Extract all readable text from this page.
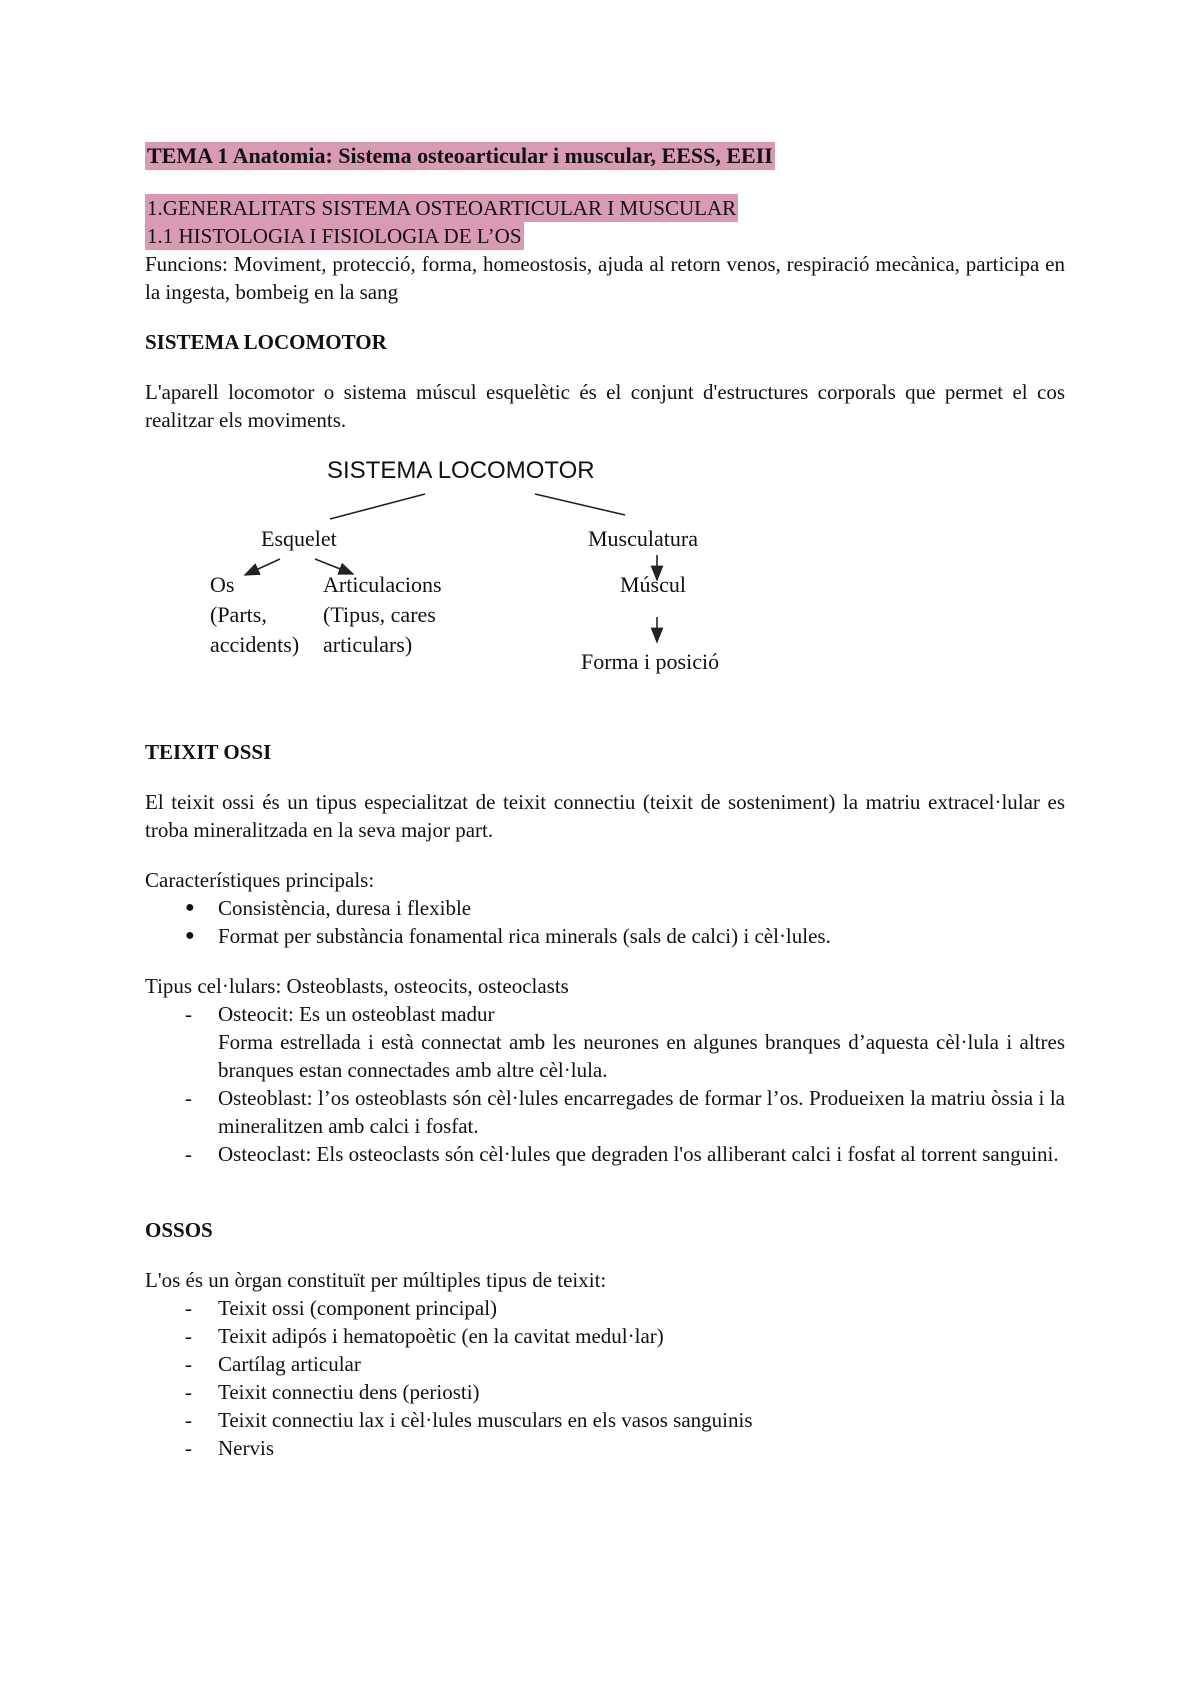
TEMA 1 Anatomia: Sistema osteoarticular i muscular, EESS, EEII

1.GENERALITATS SISTEMA OSTEOARTICULAR I MUSCULAR

1.1 HISTOLOGIA I FISIOLOGIA DE L’OS

Funcions: Moviment, protecció, forma, homeostosis, ajuda al retorn venos, respiració mecànica, participa en la ingesta, bombeig en la sang

SISTEMA LOCOMOTOR

L'aparell locomotor o sistema múscul esquelètic és el conjunt d'estructures corporals que permet el cos realitzar els moviments.

SISTEMA LOCOMOTOR
Esquelet	Musculatura
Os
(Parts,
accidents)
Articulacions
(Tipus, cares
articulars)
Múscul
Forma i posició
TEIXIT OSSI

El teixit ossi és un tipus especialitzat de teixit connectiu (teixit de sosteniment) la matriu extracel·lular es troba mineralitzada en la seva major part.

Característiques principals:

● Consistència, duresa i flexible
● Format per substància fonamental rica minerals (sals de calci) i cèl·lules.

Tipus cel·lulars: Osteoblasts, osteocits, osteoclasts

- Osteocit: Es un osteoblast madur
Forma estrellada i està connectat amb les neurones en algunes branques d’aquesta cèl·lula i altres branques estan connectades amb altre cèl·lula.
- Osteoblast: l’os osteoblasts són cèl·lules encarregades de formar l’os. Produeixen la matriu òssia i la mineralitzen amb calci i fosfat.
- Osteoclast: Els osteoclasts són cèl·lules que degraden l'os alliberant calci i fosfat al torrent sanguini.
OSSOS

L'os és un òrgan constituït per múltiples tipus de teixit:

- Teixit ossi (component principal)
- Teixit adipós i hematopoètic (en la cavitat medul·lar)
- Cartílag articular
- Teixit connectiu dens (periosti)
- Teixit connectiu lax i cèl·lules musculars en els vasos sanguinis
- Nervis
